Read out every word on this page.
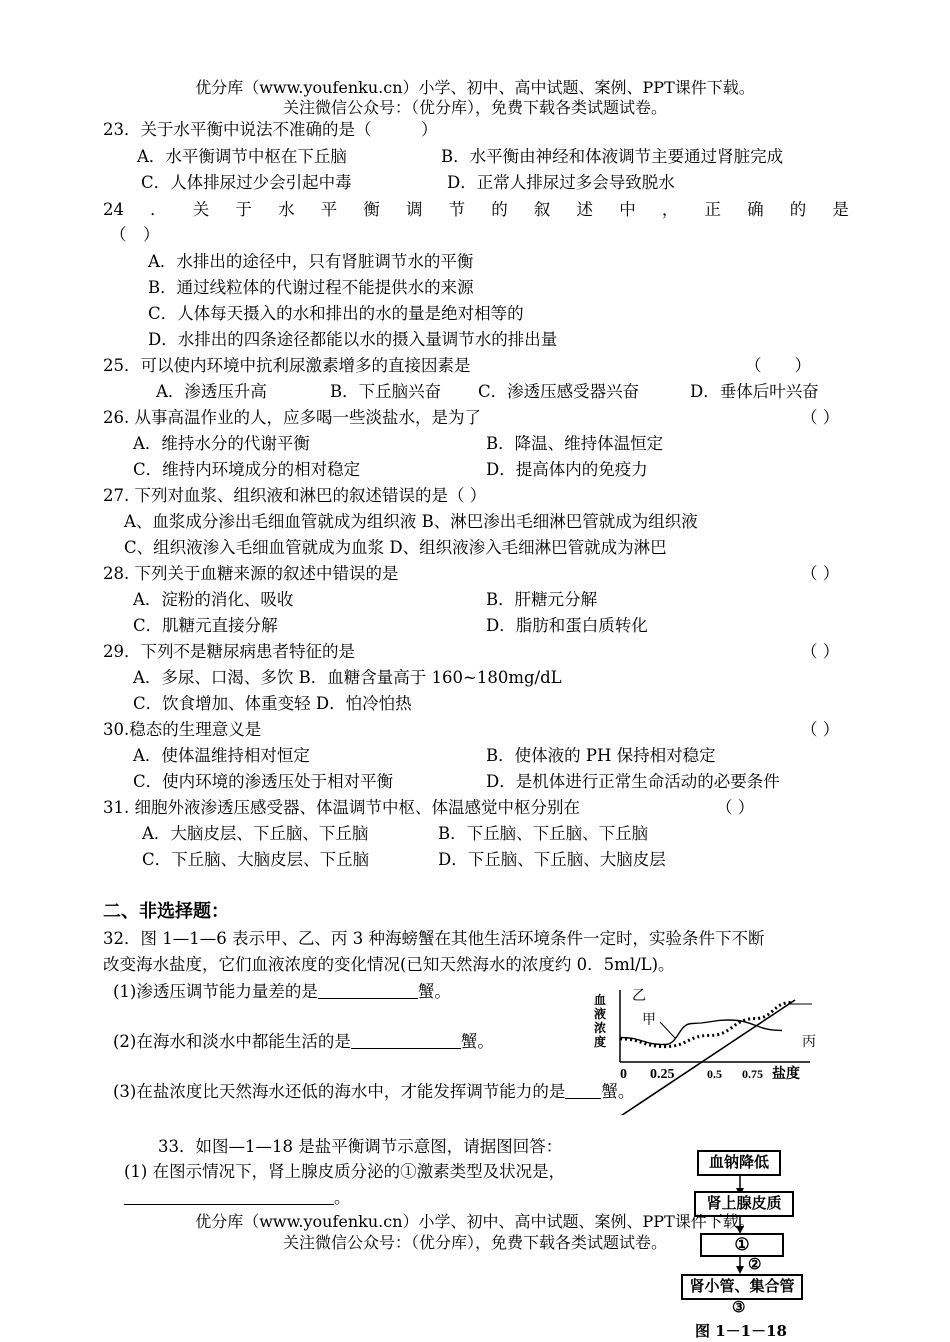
优分库（www.youfenku.cn）小学、初中、高中试题、案例、PPT课件下载。
关注微信公众号：（优分库），免费下载各类试题试卷。
23．关于水平衡中说法不准确的是（　　　）
A．水平衡调节中枢在下丘脑	B．水平衡由神经和体液调节主要通过肾脏完成
C．人体排尿过少会引起中毒	D．正常人排尿过多会导致脱水
24 ． 关 于 水 平 衡 调 节 的 叙 述 中 ， 正 确 的 是
（　）
A．水排出的途径中，只有肾脏调节水的平衡
B．通过线粒体的代谢过程不能提供水的来源
C．人体每天摄入的水和排出的水的量是绝对相等的
D．水排出的四条途径都能以水的摄入量调节水的排出量
25．可以使内环境中抗利尿激素增多的直接因素是	（　　）
A．渗透压升高	B．下丘脑兴奋 C．渗透压感受器兴奋	D．垂体后叶兴奋
26. 从事高温作业的人，应多喝一些淡盐水，是为了	（ ）
A．维持水分的代谢平衡	B．降温、维持体温恒定
C．维持内环境成分的相对稳定	D．提高体内的免疫力
27. 下列对血浆、组织液和淋巴的叙述错误的是（ ）
A、血浆成分渗出毛细血管就成为组织液 B、淋巴渗出毛细淋巴管就成为组织液
C、组织液渗入毛细血管就成为血浆 D、组织液渗入毛细淋巴管就成为淋巴
28. 下列关于血糖来源的叙述中错误的是	（ ）
A．淀粉的消化、吸收	B．肝糖元分解
C．肌糖元直接分解	D．脂肪和蛋白质转化
29．下列不是糖尿病患者特征的是	（ ）
A．多尿、口渴、多饮 B．血糖含量高于 160~180mg/dL
C．饮食增加、体重变轻 D．怕冷怕热
30.稳态的生理意义是	（ ）
A．使体温维持相对恒定	B．使体液的 PH 保持相对稳定
C．使内环境的渗透压处于相对平衡	D．是机体进行正常生命活动的必要条件
31. 细胞外液渗透压感受器、体温调节中枢、体温感觉中枢分别在	（ ）
A．大脑皮层、下丘脑、下丘脑	B．下丘脑、下丘脑、下丘脑
C．下丘脑、大脑皮层、下丘脑	D．下丘脑、下丘脑、大脑皮层
二、非选择题：
32．图 1—1—6 表示甲、乙、丙 3 种海螃蟹在其他生活环境条件一定时，实验条件下不断
改变海水盐度，它们血液浓度的变化情况(已知天然海水的浓度约 0．5ml/L)。
(1)渗透压调节能力量差的是	蟹。
(2)在海水和淡水中都能生活的是	蟹。
(3)在盐浓度比天然海水还低的海水中，才能发挥调节能力的是 蟹。
血
液
浓
度
0 0.25	0.5 0.75 盐度
甲
乙
丙
33．如图—1—18 是盐平衡调节示意图，请据图回答：
(1) 在图示情况下，肾上腺皮质分泌的①激素类型及状况是，
。
血钠降低
肾上腺皮质
①
②
肾小管、集合管
③
图 1－1－18
优分库（www.youfenku.cn）小学、初中、高中试题、案例、PPT课件下载。
关注微信公众号：（优分库），免费下载各类试题试卷。
